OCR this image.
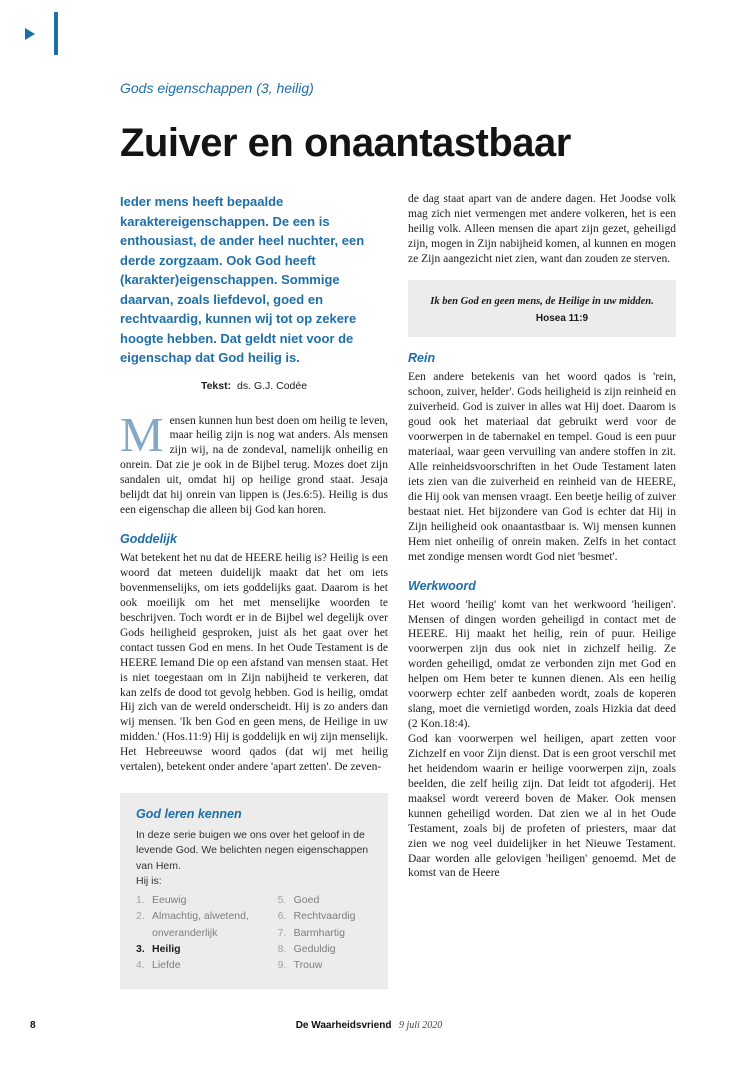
Gods eigenschappen (3, heilig)
Zuiver en onaantastbaar

Ieder mens heeft bepaalde karaktereigenschappen. De een is enthousiast, de ander heel nuchter, een derde zorgzaam. Ook God heeft (karakter)eigenschappen. Sommige daarvan, zoals liefdevol, goed en rechtvaardig, kunnen wij tot op zekere hoogte hebben. Dat geldt niet voor de eigenschap dat God heilig is.

Tekst: ds. G.J. Codée

Mensen kunnen hun best doen om heilig te leven, maar heilig zijn is nog wat anders. Als mensen zijn wij, na de zondeval, namelijk onheilig en onrein. Dat zie je ook in de Bijbel terug. Mozes doet zijn sandalen uit, omdat hij op heilige grond staat. Jesaja belijdt dat hij onrein van lippen is (Jes.6:5). Heilig is dus een eigenschap die alleen bij God kan horen.

Goddelijk

Wat betekent het nu dat de HEERE heilig is? Heilig is een woord dat meteen duidelijk maakt dat het om iets bovenmenselijks, om iets goddelijks gaat. Daarom is het ook moeilijk om het met menselijke woorden te beschrijven. Toch wordt er in de Bijbel wel degelijk over Gods heiligheid gesproken, juist als het gaat over het contact tussen God en mens. In het Oude Testament is de HEERE Iemand Die op een afstand van mensen staat. Het is niet toegestaan om in Zijn nabijheid te verkeren, dat kan zelfs de dood tot gevolg hebben. God is heilig, omdat Hij zich van de wereld onderscheidt. Hij is zo anders dan wij mensen. 'Ik ben God en geen mens, de Heilige in uw midden.' (Hos.11:9) Hij is goddelijk en wij zijn menselijk. Het Hebreeuwse woord qados (dat wij met heilig vertalen), betekent onder andere 'apart zetten'. De zeven-

God leren kennen
In deze serie buigen we ons over het geloof in de levende God. We belichten negen eigenschappen van Hem.
Hij is:
1. Eeuwig
2. Almachtig, alwetend, onveranderlijk
3. Heilig
4. Liefde
5. Goed
6. Rechtvaardig
7. Barmhartig
8. Geduldig
9. Trouw

de dag staat apart van de andere dagen. Het Joodse volk mag zich niet vermengen met andere volkeren, het is een heilig volk. Alleen mensen die apart zijn gezet, geheiligd zijn, mogen in Zijn nabijheid komen, al kunnen en mogen ze Zijn aangezicht niet zien, want dan zouden ze sterven.

Ik ben God en geen mens, de Heilige in uw midden.
Hosea 11:9
Rein

Een andere betekenis van het woord qados is 'rein, schoon, zuiver, helder'. Gods heiligheid is zijn reinheid en zuiverheid. God is zuiver in alles wat Hij doet. Daarom is goud ook het materiaal dat gebruikt werd voor de voorwerpen in de tabernakel en tempel. Goud is een puur materiaal, waar geen vervuiling van andere stoffen in zit. Alle reinheidsvoorschriften in het Oude Testament laten iets zien van die zuiverheid en reinheid van de HEERE, die Hij ook van mensen vraagt. Een beetje heilig of zuiver bestaat niet. Het bijzondere van God is echter dat Hij in Zijn heiligheid ook onaantastbaar is. Wij mensen kunnen Hem niet onheilig of onrein maken. Zelfs in het contact met zondige mensen wordt God niet 'besmet'.

Werkwoord

Het woord 'heilig' komt van het werkwoord 'heiligen'. Mensen of dingen worden geheiligd in contact met de HEERE. Hij maakt het heilig, rein of puur. Heilige voorwerpen zijn dus ook niet in zichzelf heilig. Ze worden geheiligd, omdat ze verbonden zijn met God en helpen om Hem beter te kunnen dienen. Als een heilig voorwerp echter zelf aanbeden wordt, zoals de koperen slang, moet die vernietigd worden, zoals Hizkia dat deed (2 Kon.18:4).

God kan voorwerpen wel heiligen, apart zetten voor Zichzelf en voor Zijn dienst. Dat is een groot verschil met het heidendom waarin er heilige voorwerpen zijn, zoals beelden, die zelf heilig zijn. Dat leidt tot afgoderij. Het maaksel wordt vereerd boven de Maker. Ook mensen kunnen geheiligd worden. Dat zien we al in het Oude Testament, zoals bij de profeten of priesters, maar dat zien we nog veel duidelijker in het Nieuwe Testament. Daar worden alle gelovigen 'heiligen' genoemd. Met de komst van de Heere

8	De Waarheidsvriend 9 juli 2020
